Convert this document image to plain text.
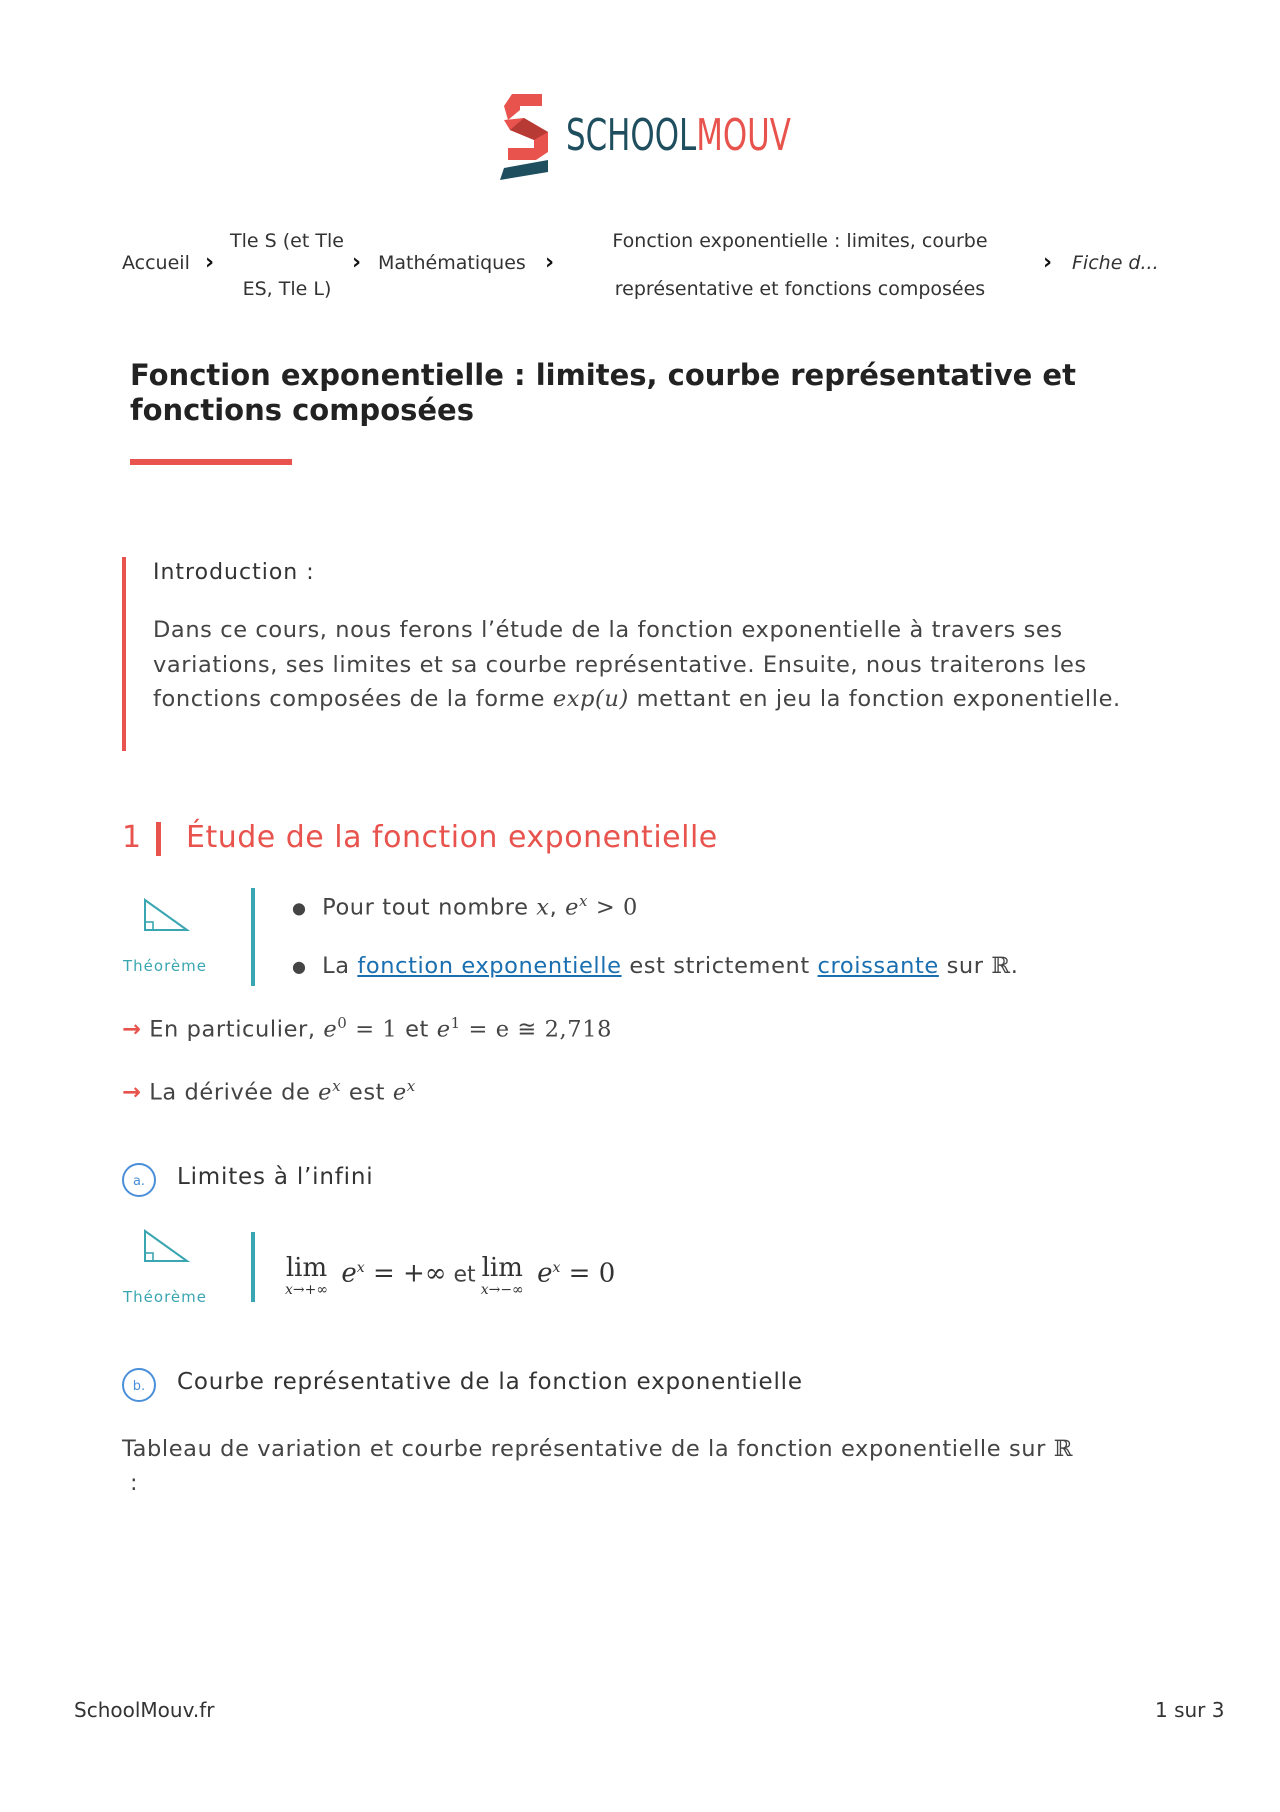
SCHOOLMOUV
Accueil ›
Tle S (et Tle
ES, Tle L)
› Mathématiques ›
Fonction exponentielle : limites, courbe
représentative et fonctions composées
› Fiche d...
Fonction exponentielle : limites, courbe représentative et fonctions composées
Introduction :
Dans ce cours, nous ferons l’étude de la fonction exponentielle à travers ses variations, ses limites et sa courbe représentative. Ensuite, nous traiterons les fonctions composées de la forme exp(u) mettant en jeu la fonction exponentielle.
1 Étude de la fonction exponentielle
Théorème
● Pour tout nombre x, $e^x > 0$
● La fonction exponentielle est strictement croissante sur ℝ.
→ En particulier, $e^0 = 1$ et $e^1 = e$ ≅ 2,718
→ La dérivée de $e^x$ est $e^x$
a.	Limites à l’infini
Théorème
lim
x→+∞
$e^x$ = +∞ et lim
x→−∞
$e^x = 0$
b.	Courbe représentative de la fonction exponentielle
Tableau de variation et courbe représentative de la fonction exponentielle sur ℝ
:
SchoolMouv.fr	1 sur 3
